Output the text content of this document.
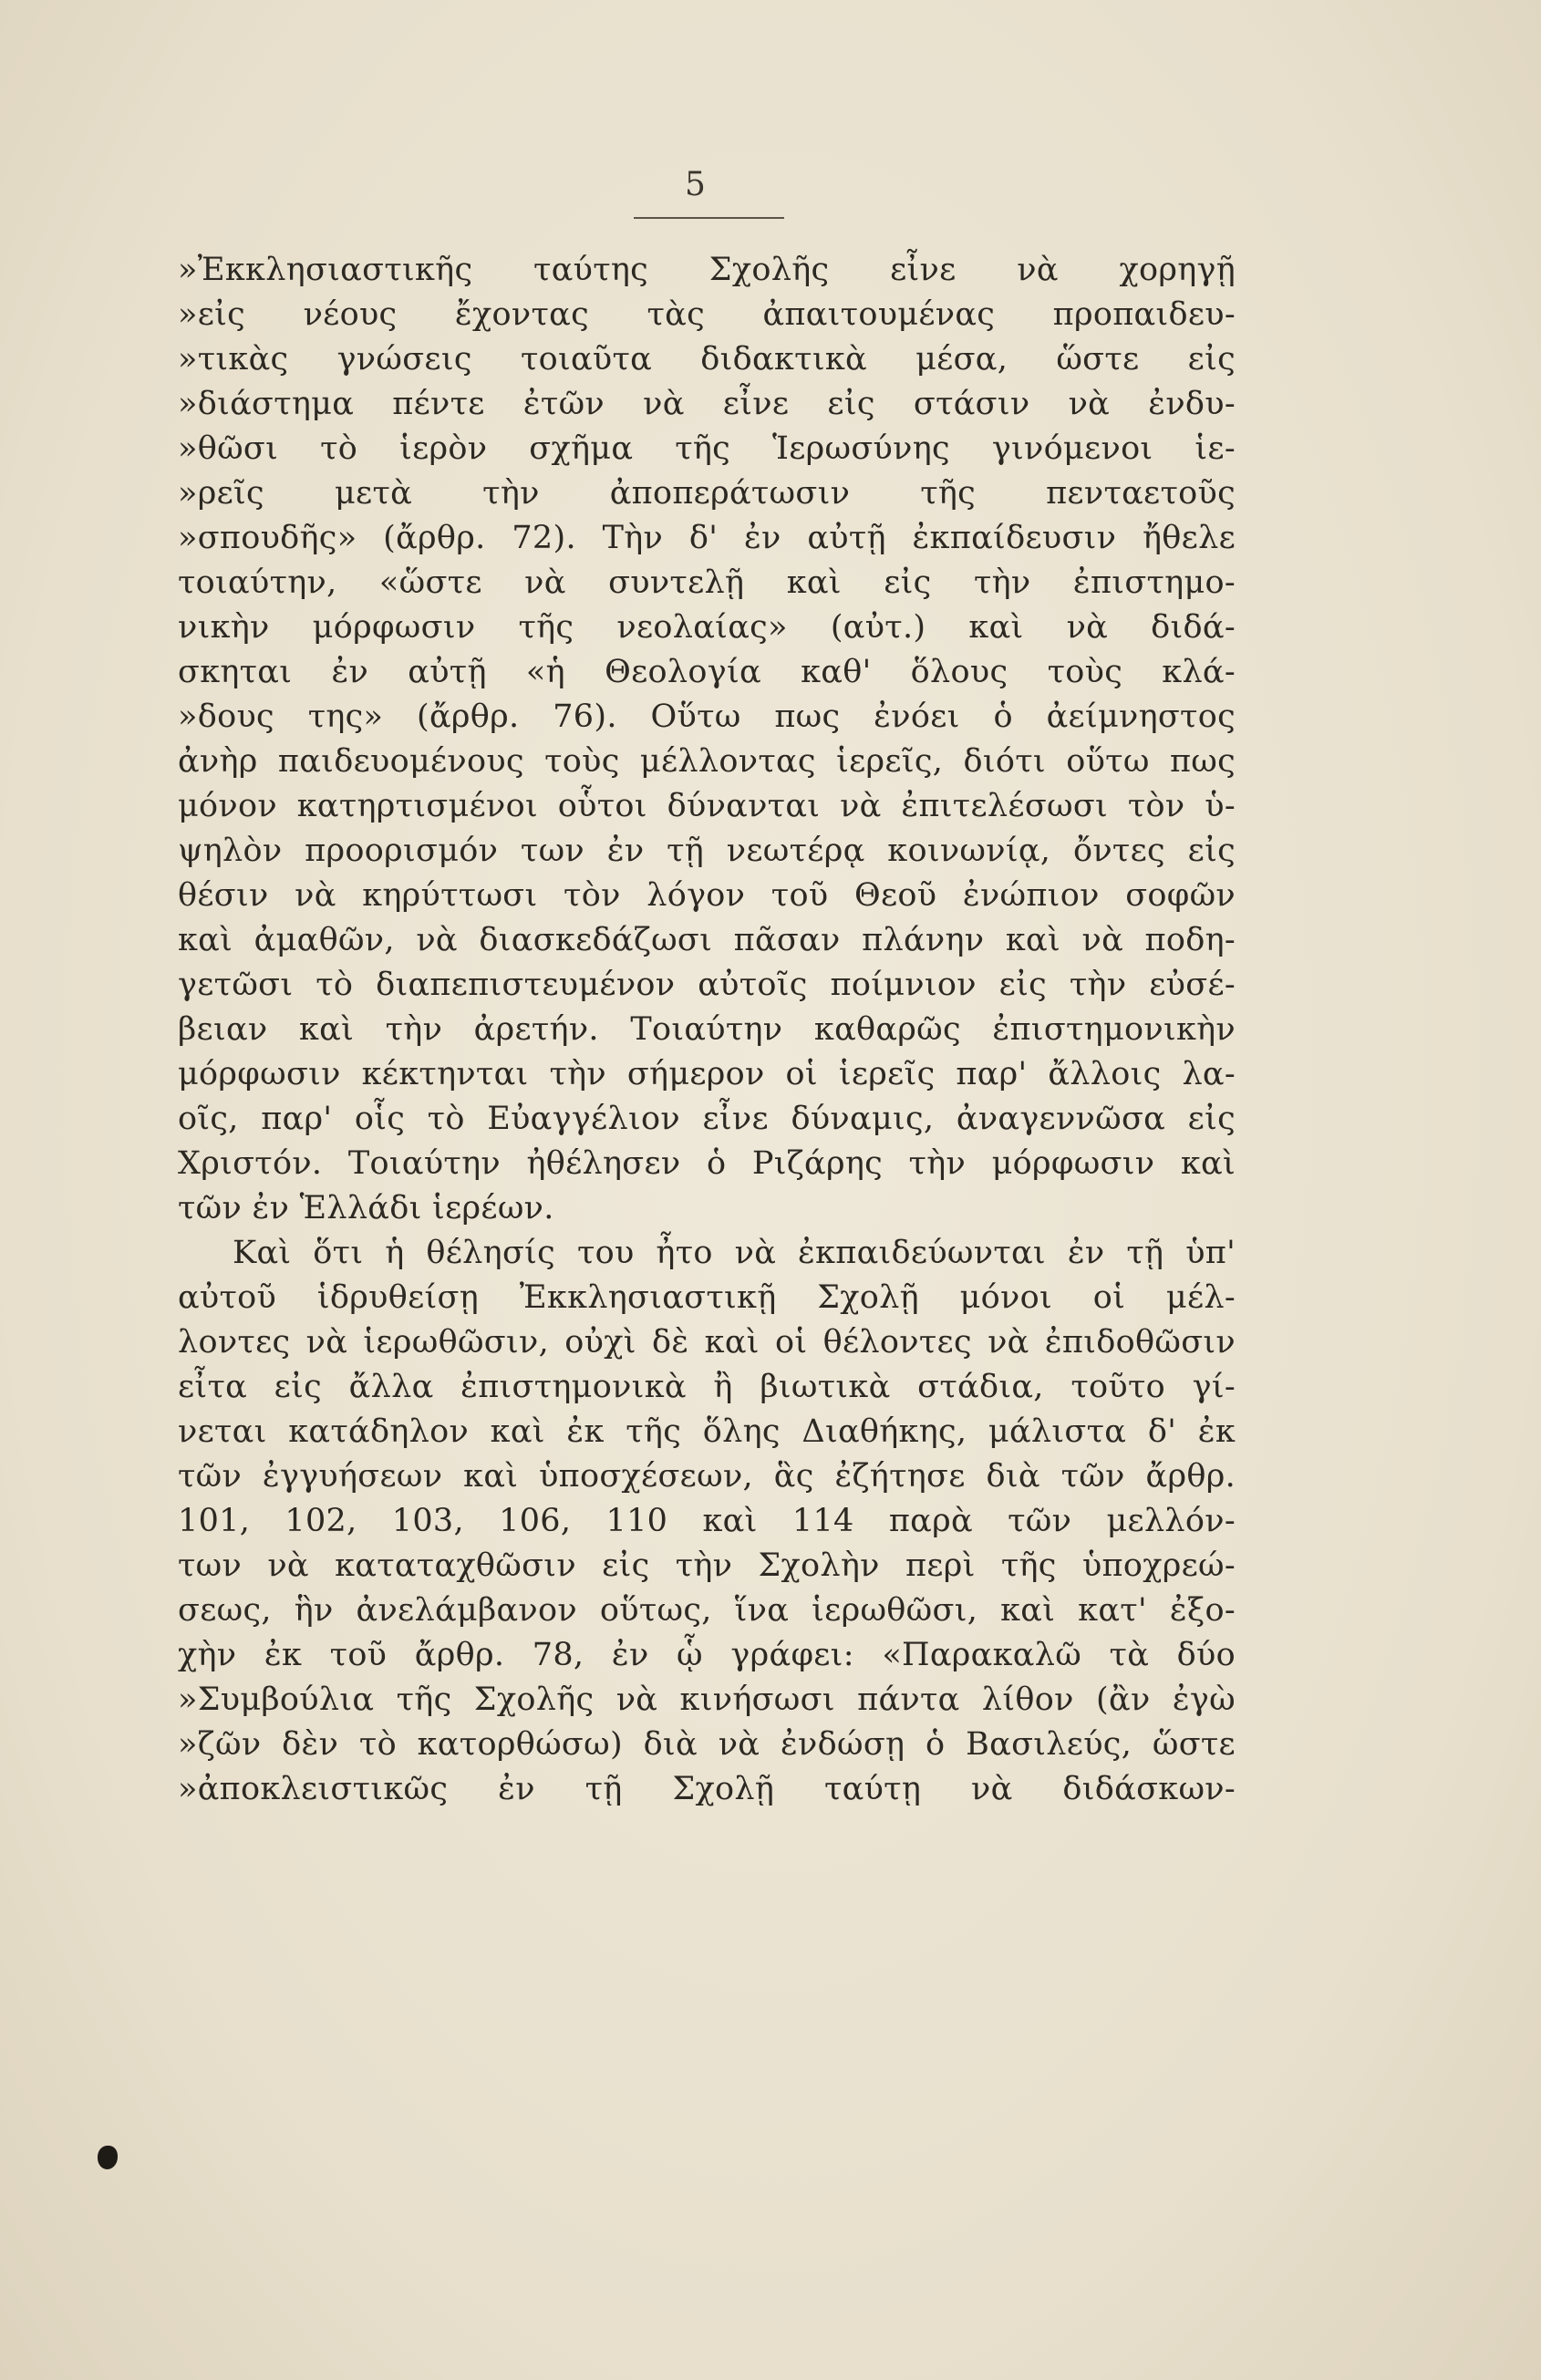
5
»Ἐκκλησιαστικῆς ταύτης Σχολῆς εἶνε νὰ χορηγῇ
»εἰς νέους ἔχοντας τὰς ἀπαιτουμένας προπαιδευ-
»τικὰς γνώσεις τοιαῦτα διδακτικὰ μέσα, ὥστε εἰς
»διάστημα πέντε ἐτῶν νὰ εἶνε εἰς στάσιν νὰ ἐνδυ-
»θῶσι τὸ ἱερὸν σχῆμα τῆς Ἱερωσύνης γινόμενοι ἱε-
»ρεῖς μετὰ τὴν ἀποπεράτωσιν τῆς πενταετοῦς
»σπουδῆς» (ἄρθρ. 72). Τὴν δ' ἐν αὐτῇ ἐκπαίδευσιν ἤθελε
τοιαύτην, «ὥστε νὰ συντελῇ καὶ εἰς τὴν ἐπιστημο-
νικὴν μόρφωσιν τῆς νεολαίας» (αὐτ.) καὶ νὰ διδά-
σκηται ἐν αὐτῇ «ἡ Θεολογία καθ' ὅλους τοὺς κλά-
»δους της» (ἄρθρ. 76). Οὕτω πως ἐνόει ὁ ἀείμνηστος
ἀνὴρ παιδευομένους τοὺς μέλλοντας ἱερεῖς, διότι οὕτω πως
μόνον κατηρτισμένοι οὗτοι δύνανται νὰ ἐπιτελέσωσι τὸν ὑ-
ψηλὸν προορισμόν των ἐν τῇ νεωτέρᾳ κοινωνίᾳ, ὄντες εἰς
θέσιν νὰ κηρύττωσι τὸν λόγον τοῦ Θεοῦ ἐνώπιον σοφῶν
καὶ ἀμαθῶν, νὰ διασκεδάζωσι πᾶσαν πλάνην καὶ νὰ ποδη-
γετῶσι τὸ διαπεπιστευμένον αὐτοῖς ποίμνιον εἰς τὴν εὐσέ-
βειαν καὶ τὴν ἀρετήν. Τοιαύτην καθαρῶς ἐπιστημονικὴν
μόρφωσιν κέκτηνται τὴν σήμερον οἱ ἱερεῖς παρ' ἄλλοις λα-
οῖς, παρ' οἷς τὸ Εὐαγγέλιον εἶνε δύναμις, ἀναγεννῶσα εἰς
Χριστόν. Τοιαύτην ἠθέλησεν ὁ Ριζάρης τὴν μόρφωσιν καὶ
τῶν ἐν Ἑλλάδι ἱερέων.
Καὶ ὅτι ἡ θέλησίς του ἦτο νὰ ἐκπαιδεύωνται ἐν τῇ ὑπ'
αὐτοῦ ἱδρυθείσῃ Ἐκκλησιαστικῇ Σχολῇ μόνοι οἱ μέλ-
λοντες νὰ ἱερωθῶσιν, οὐχὶ δὲ καὶ οἱ θέλοντες νὰ ἐπιδοθῶσιν
εἶτα εἰς ἄλλα ἐπιστημονικὰ ἢ βιωτικὰ στάδια, τοῦτο γί-
νεται κατάδηλον καὶ ἐκ τῆς ὅλης Διαθήκης, μάλιστα δ' ἐκ
τῶν ἐγγυήσεων καὶ ὑποσχέσεων, ἃς ἐζήτησε διὰ τῶν ἄρθρ.
101, 102, 103, 106, 110 καὶ 114 παρὰ τῶν μελλόν-
των νὰ καταταχθῶσιν εἰς τὴν Σχολὴν περὶ τῆς ὑποχρεώ-
σεως, ἣν ἀνελάμβανον οὕτως, ἵνα ἱερωθῶσι, καὶ κατ' ἐξο-
χὴν ἐκ τοῦ ἄρθρ. 78, ἐν ᾧ γράφει: «Παρακαλῶ τὰ δύο
»Συμβούλια τῆς Σχολῆς νὰ κινήσωσι πάντα λίθον (ἂν ἐγὼ
»ζῶν δὲν τὸ κατορθώσω) διὰ νὰ ἐνδώσῃ ὁ Βασιλεύς, ὥστε
»ἀποκλειστικῶς ἐν τῇ Σχολῇ ταύτῃ νὰ διδάσκων-
